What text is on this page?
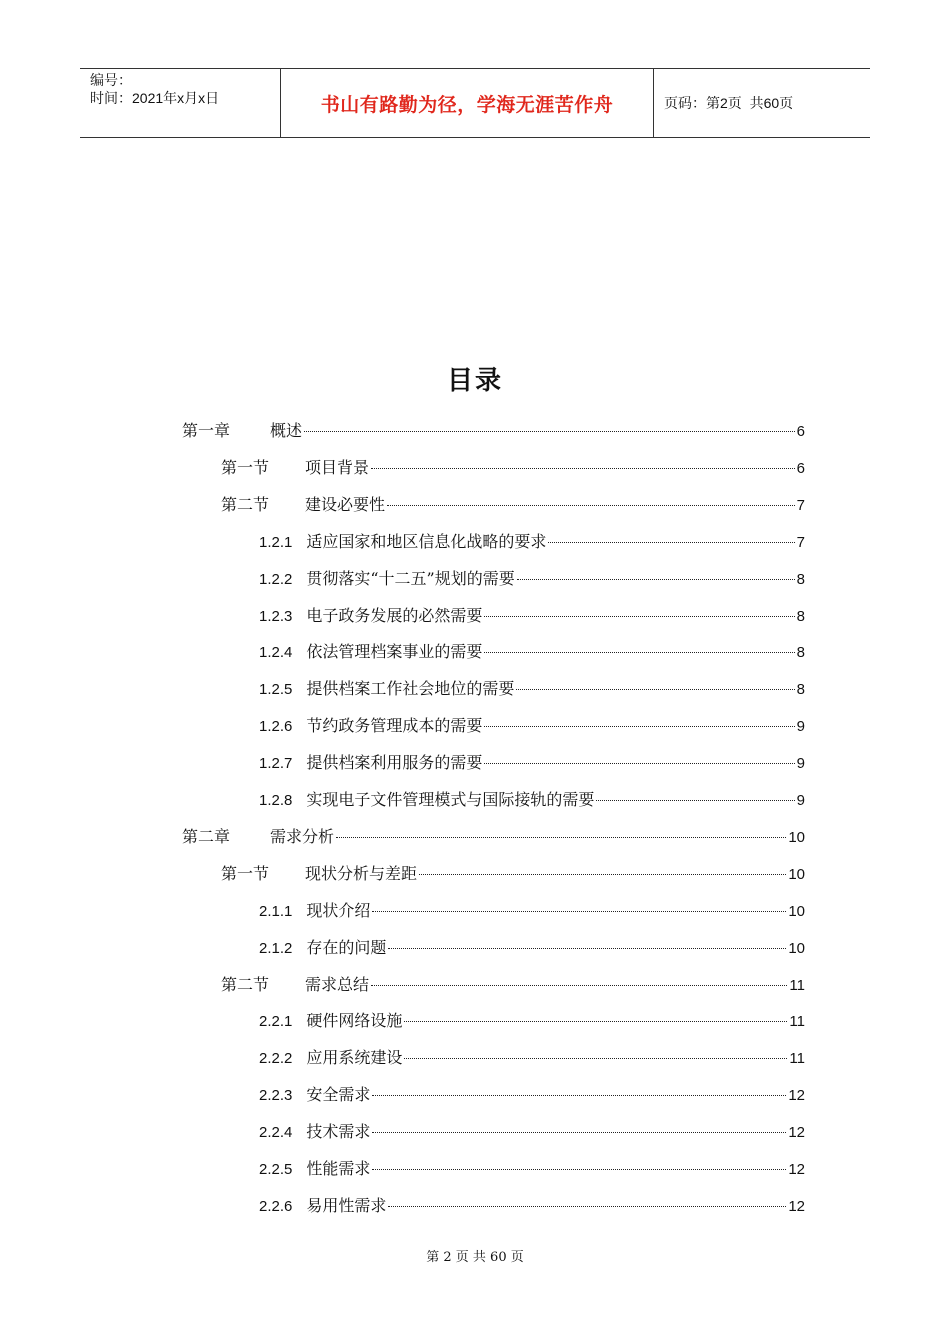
编号：
时间：2021年x月x日	书山有路勤为径，学海无涯苦作舟	页码：第2页  共60页
目录
第一章	概述	6
第一节 项目背景	6
第二节 建设必要性	7
1.2.1 适应国家和地区信息化战略的要求	7
1.2.2 贯彻落实“十二五”规划的需要	8
1.2.3 电子政务发展的必然需要	8
1.2.4 依法管理档案事业的需要	8
1.2.5 提供档案工作社会地位的需要	8
1.2.6 节约政务管理成本的需要	9
1.2.7 提供档案利用服务的需要	9
1.2.8 实现电子文件管理模式与国际接轨的需要	9
第二章	需求分析	10
第一节 现状分析与差距	10
2.1.1 现状介绍	10
2.1.2 存在的问题	10
第二节 需求总结	11
2.2.1 硬件网络设施	11
2.2.2 应用系统建设	11
2.2.3 安全需求	12
2.2.4 技术需求	12
2.2.5 性能需求	12
2.2.6 易用性需求	12
第 2 页 共 60 页
